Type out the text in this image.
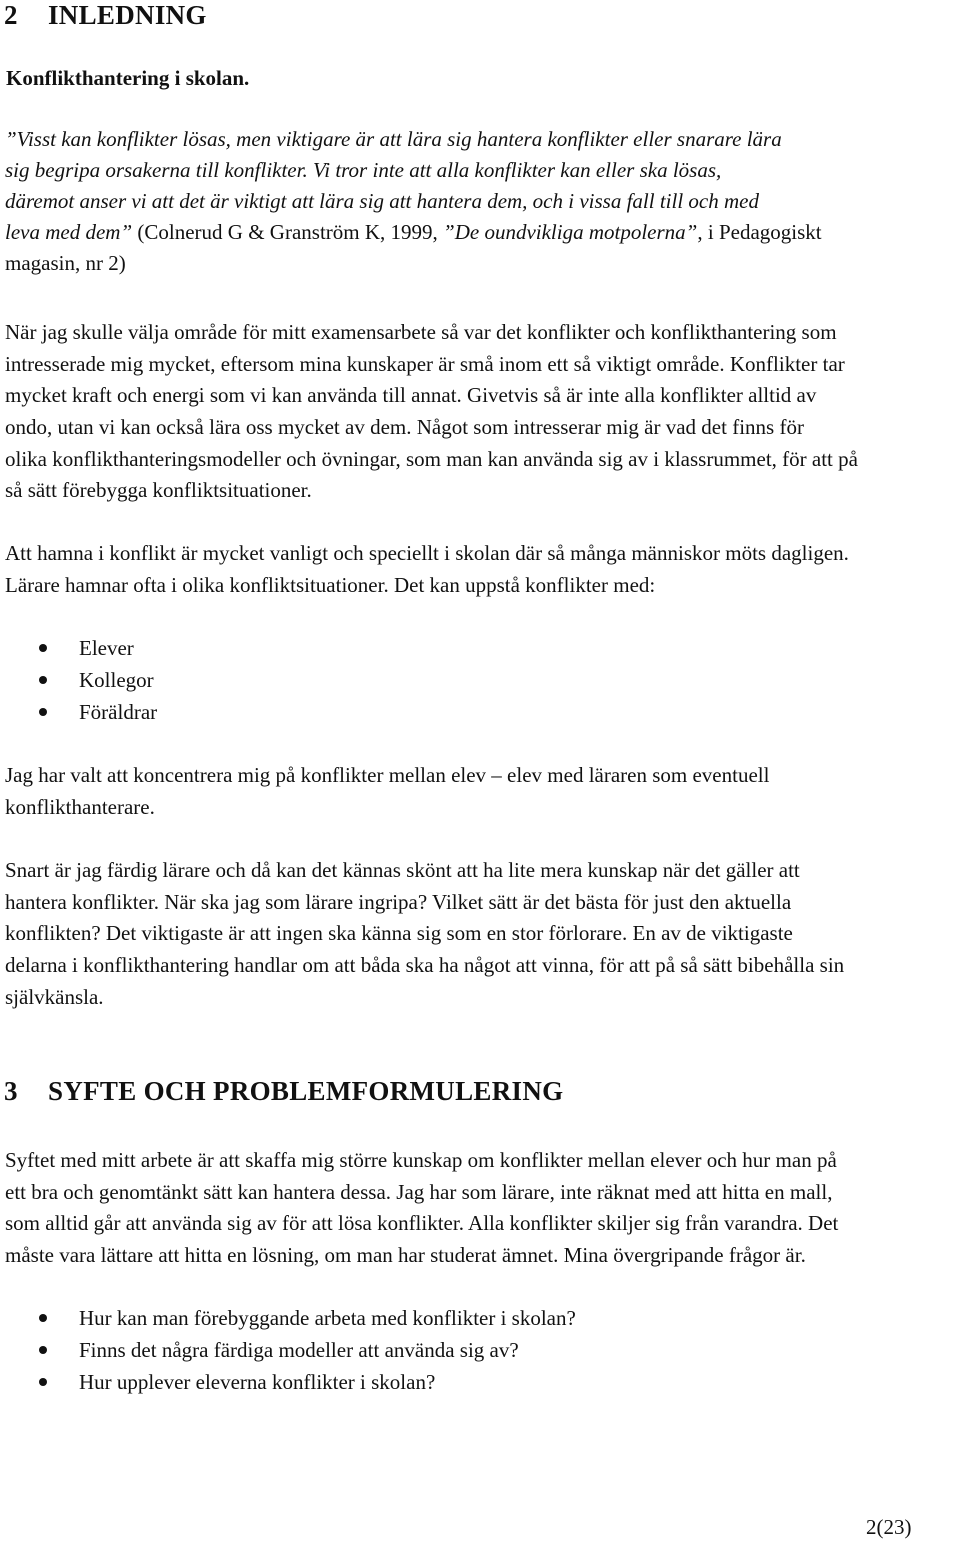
2 INLEDNING
Konflikthantering i skolan.
”Visst kan konflikter lösas, men viktigare är att lära sig hantera konflikter eller snarare lära
sig begripa orsakerna till konflikter. Vi tror inte att alla konflikter kan eller ska lösas,
däremot anser vi att det är viktigt att lära sig att hantera dem, och i vissa fall till och med
leva med dem” (Colnerud G & Granström K, 1999, ”De oundvikliga motpolerna”, i Pedagogiskt
magasin, nr 2)
När jag skulle välja område för mitt examensarbete så var det konflikter och konflikthantering som
intresserade mig mycket, eftersom mina kunskaper är små inom ett så viktigt område. Konflikter tar
mycket kraft och energi som vi kan använda till annat. Givetvis så är inte alla konflikter alltid av
ondo, utan vi kan också lära oss mycket av dem. Något som intresserar mig är vad det finns för
olika konflikthanteringsmodeller och övningar, som man kan använda sig av i klassrummet, för att på
så sätt förebygga konfliktsituationer.
Att hamna i konflikt är mycket vanligt och speciellt i skolan där så många människor möts dagligen.
Lärare hamnar ofta i olika konfliktsituationer. Det kan uppstå konflikter med:
Elever
Kollegor
Föräldrar
Jag har valt att koncentrera mig på konflikter mellan elev – elev med läraren som eventuell
konflikthanterare.
Snart är jag färdig lärare och då kan det kännas skönt att ha lite mera kunskap när det gäller att
hantera konflikter. När ska jag som lärare ingripa? Vilket sätt är det bästa för just den aktuella
konflikten? Det viktigaste är att ingen ska känna sig som en stor förlorare. En av de viktigaste
delarna i konflikthantering handlar om att båda ska ha något att vinna, för att på så sätt bibehålla sin
självkänsla.
3 SYFTE OCH PROBLEMFORMULERING
Syftet med mitt arbete är att skaffa mig större kunskap om konflikter mellan elever och hur man på
ett bra och genomtänkt sätt kan hantera dessa. Jag har som lärare, inte räknat med att hitta en mall,
som alltid går att använda sig av för att lösa konflikter. Alla konflikter skiljer sig från varandra. Det
måste vara lättare att hitta en lösning, om man har studerat ämnet. Mina övergripande frågor är.
Hur kan man förebyggande arbeta med konflikter i skolan?
Finns det några färdiga modeller att använda sig av?
Hur upplever eleverna konflikter i skolan?
2(23)
